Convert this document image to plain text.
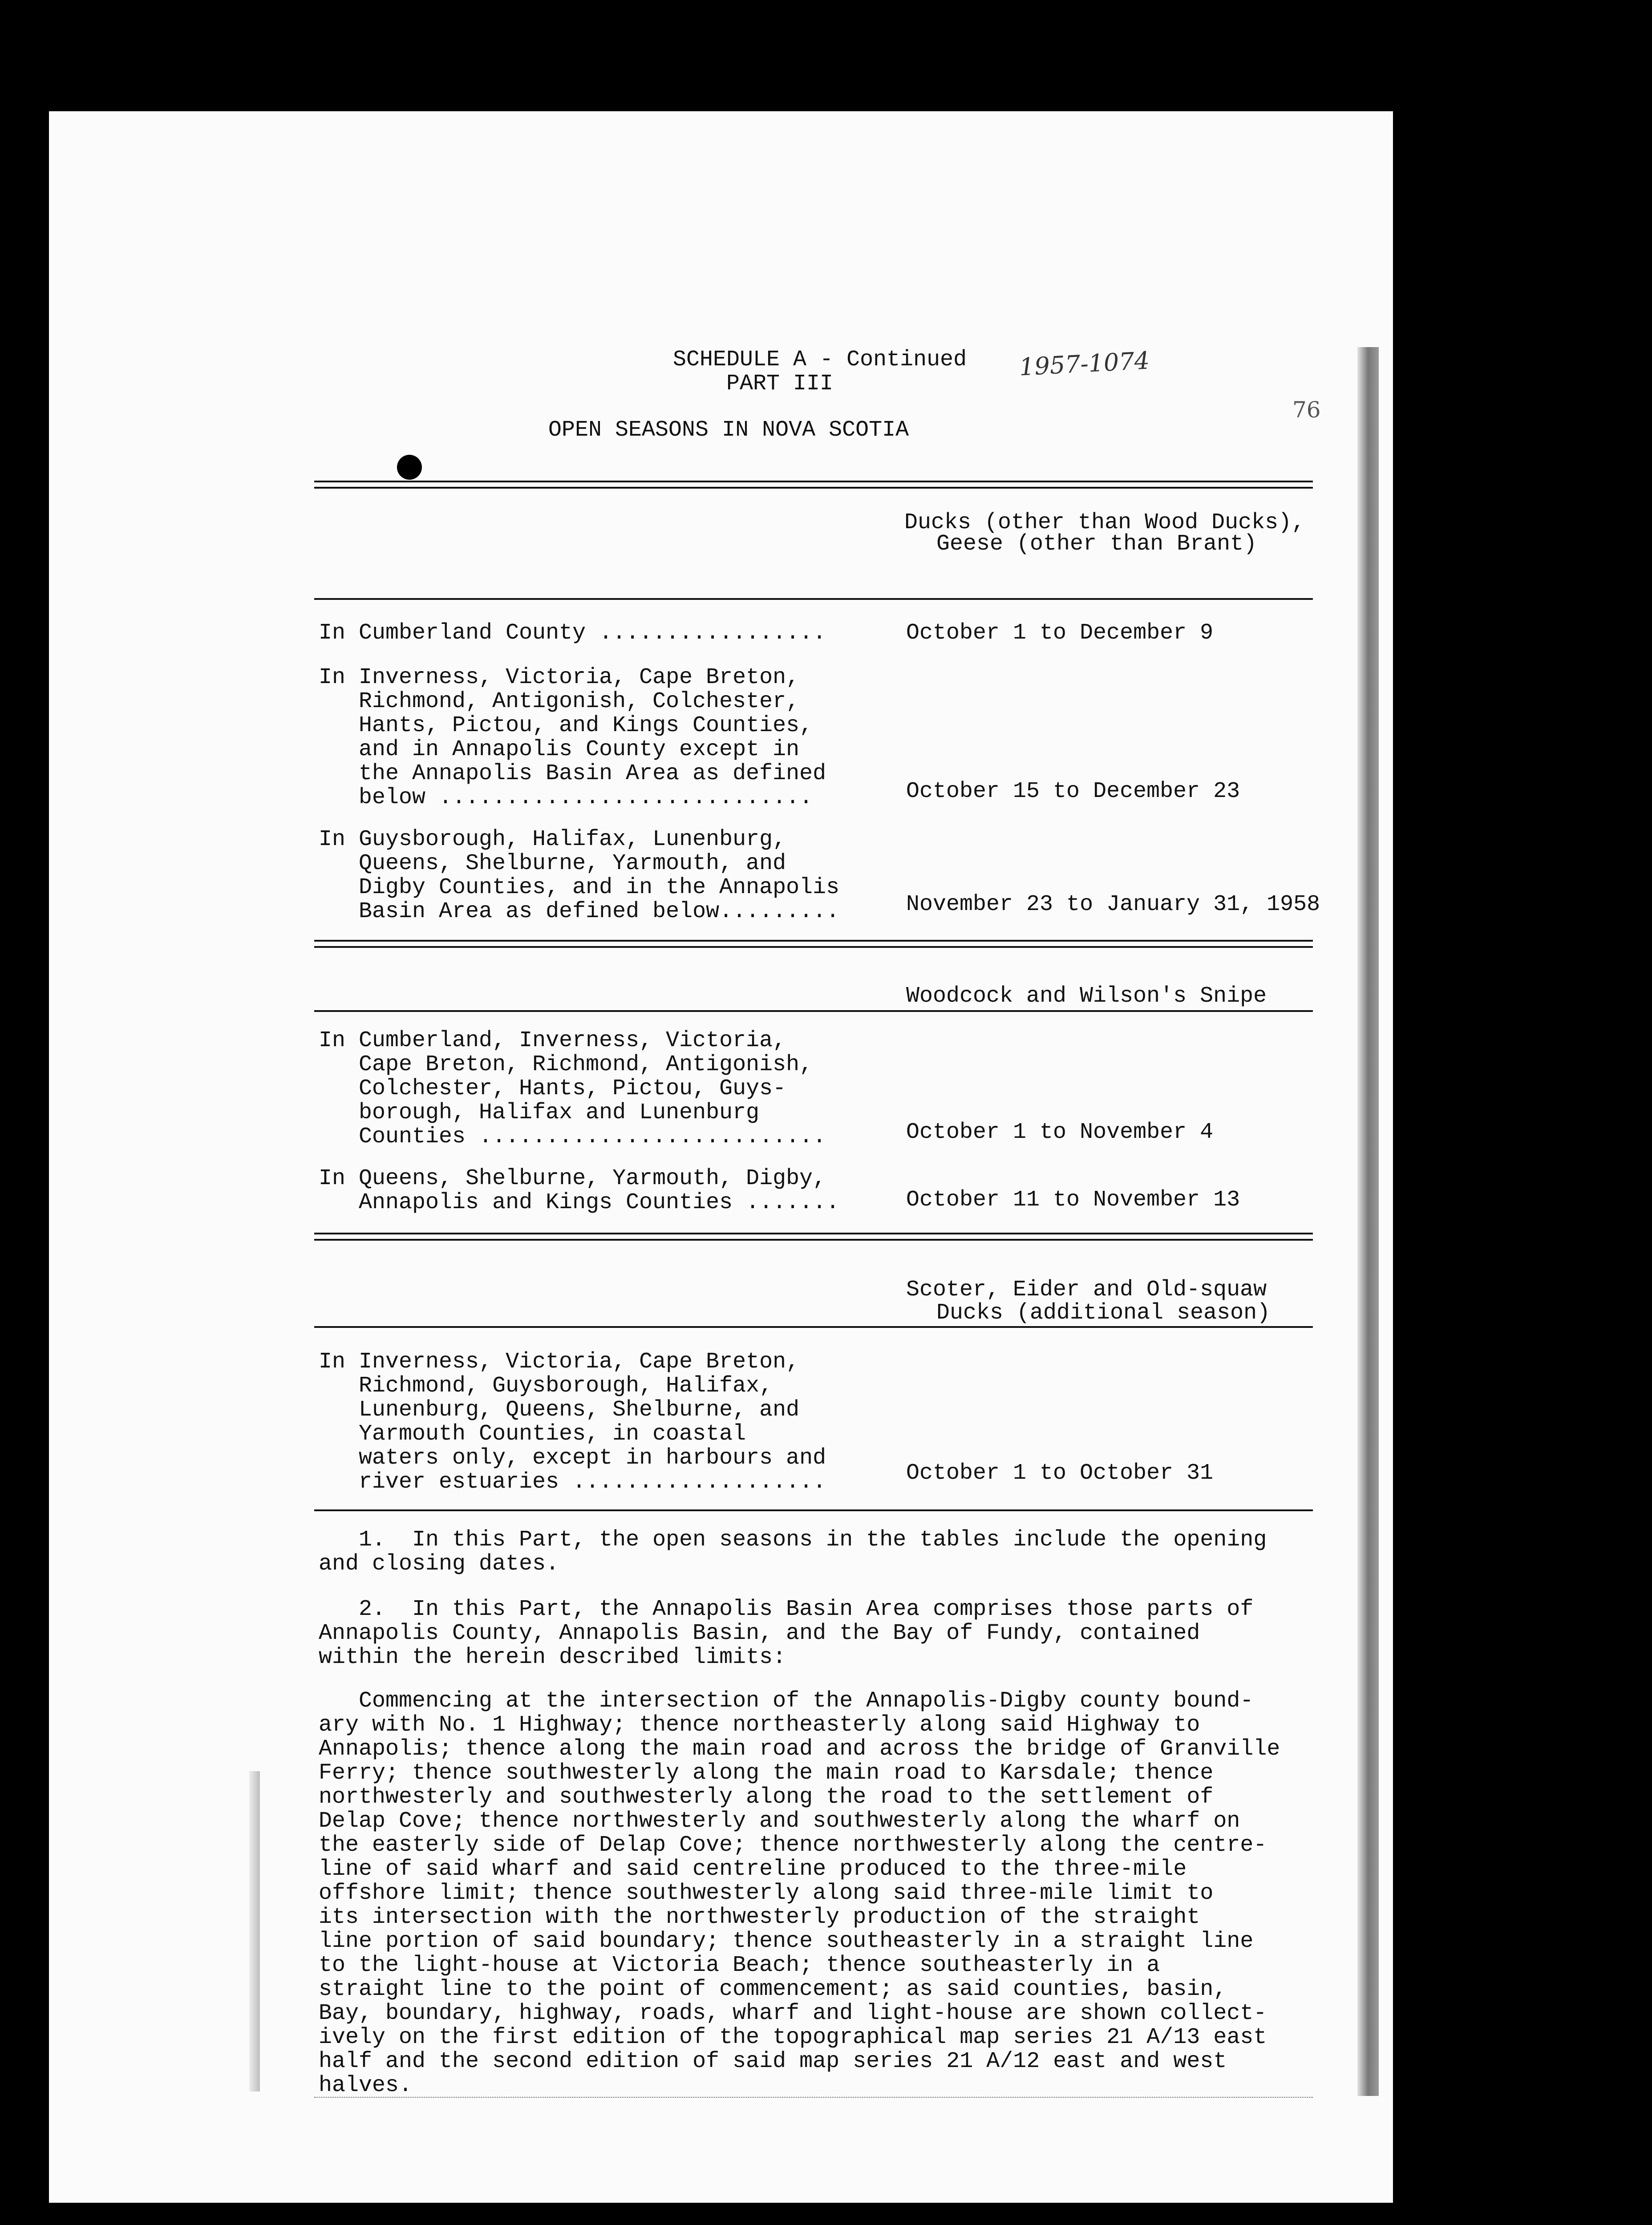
SCHEDULE A - Continued
PART III
OPEN SEASONS IN NOVA SCOTIA
1957-1074
76
Ducks (other than Wood Ducks),
Geese (other than Brant)
In Cumberland County .................	October 1 to December 9
In Inverness, Victoria, Cape Breton,
Richmond, Antigonish, Colchester,
Hants, Pictou, and Kings Counties,
and in Annapolis County except in
the Annapolis Basin Area as defined
below ............................	October 15 to December 23
In Guysborough, Halifax, Lunenburg,
Queens, Shelburne, Yarmouth, and
Digby Counties, and in the Annapolis
Basin Area as defined below.........	November 23 to January 31, 1958
Woodcock and Wilson's Snipe
In Cumberland, Inverness, Victoria,
Cape Breton, Richmond, Antigonish,
Colchester, Hants, Pictou, Guys-
borough, Halifax and Lunenburg
Counties ..........................	October 1 to November 4
In Queens, Shelburne, Yarmouth, Digby,
Annapolis and Kings Counties .......	October 11 to November 13
Scoter, Eider and Old-squaw
Ducks (additional season)
In Inverness, Victoria, Cape Breton,
Richmond, Guysborough, Halifax,
Lunenburg, Queens, Shelburne, and
Yarmouth Counties, in coastal
waters only, except in harbours and
river estuaries ...................	October 1 to October 31
1.  In this Part, the open seasons in the tables include the opening
and closing dates.
2.  In this Part, the Annapolis Basin Area comprises those parts of
Annapolis County, Annapolis Basin, and the Bay of Fundy, contained
within the herein described limits:
Commencing at the intersection of the Annapolis-Digby county bound-
ary with No. 1 Highway; thence northeasterly along said Highway to
Annapolis; thence along the main road and across the bridge of Granville
Ferry; thence southwesterly along the main road to Karsdale; thence
northwesterly and southwesterly along the road to the settlement of
Delap Cove; thence northwesterly and southwesterly along the wharf on
the easterly side of Delap Cove; thence northwesterly along the centre-
line of said wharf and said centreline produced to the three-mile
offshore limit; thence southwesterly along said three-mile limit to
its intersection with the northwesterly production of the straight
line portion of said boundary; thence southeasterly in a straight line
to the light-house at Victoria Beach; thence southeasterly in a
straight line to the point of commencement; as said counties, basin,
Bay, boundary, highway, roads, wharf and light-house are shown collect-
ively on the first edition of the topographical map series 21 A/13 east
half and the second edition of said map series 21 A/12 east and west
halves.
